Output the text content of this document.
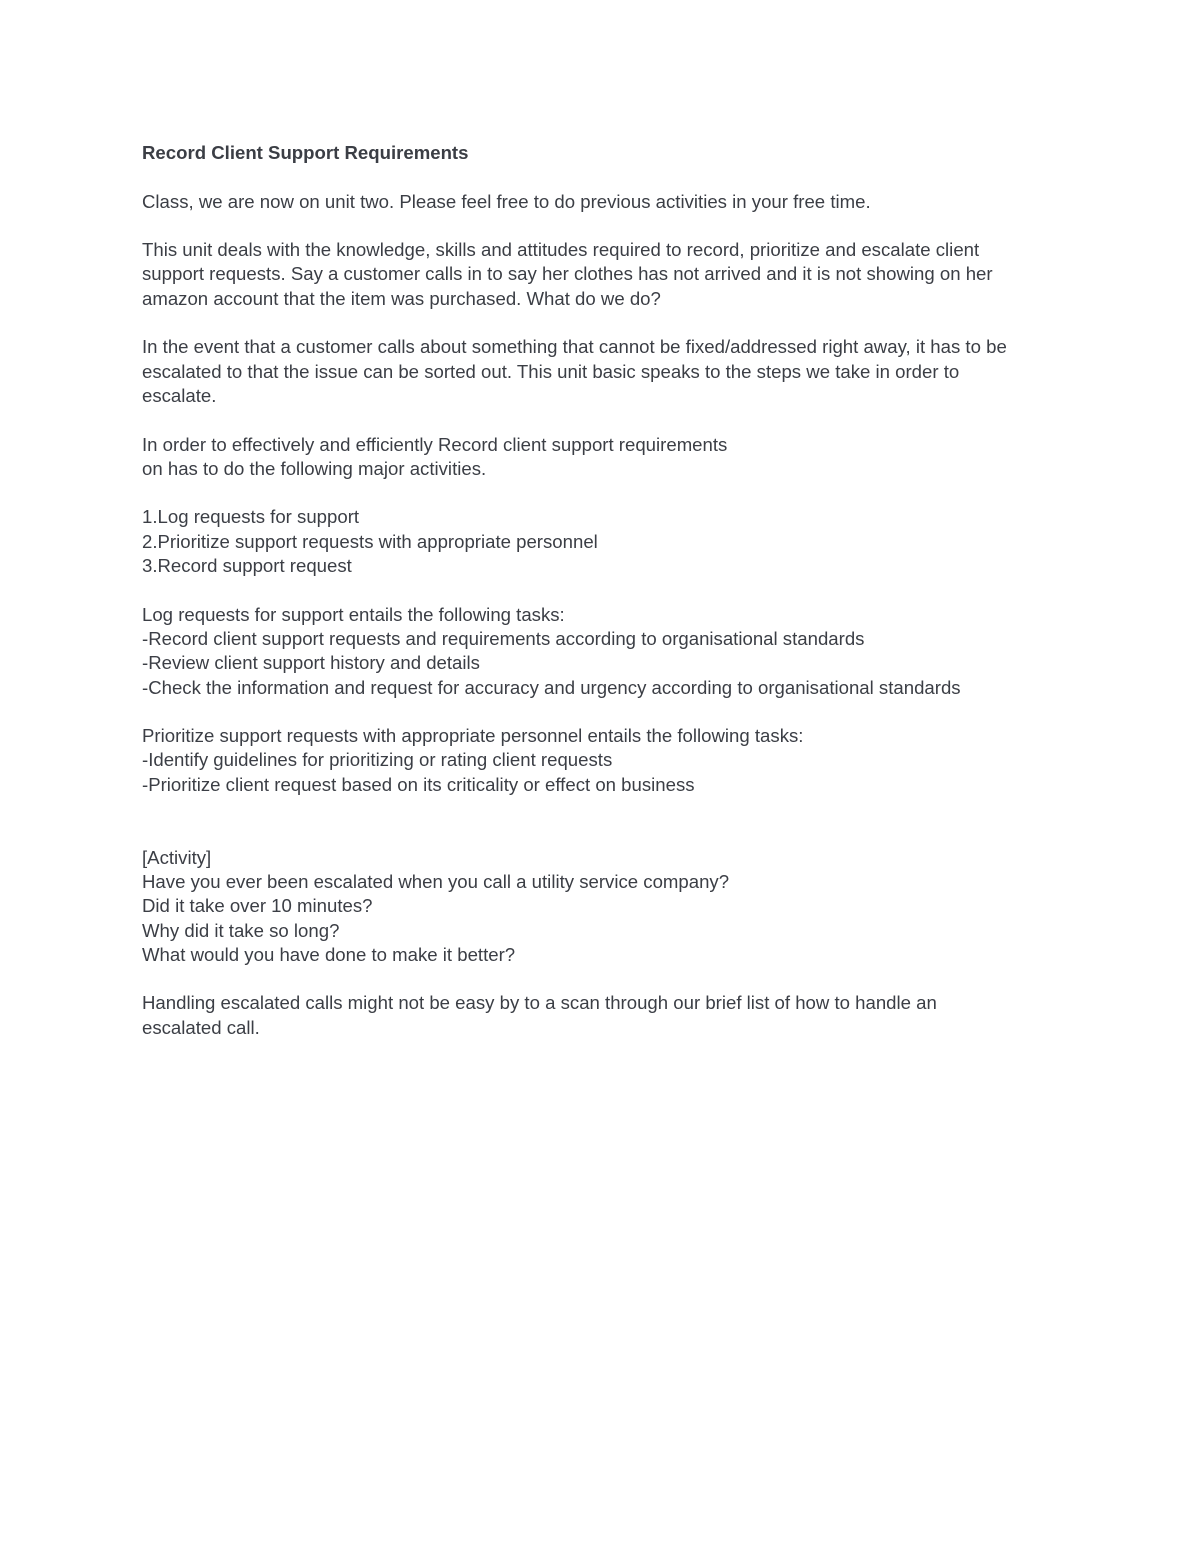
Record Client Support Requirements
Class, we are now on unit two. Please feel free to do previous activities in your free time.
This unit deals with the knowledge, skills and attitudes required to record, prioritize and escalate client
support requests. Say a customer calls in to say her clothes has not arrived and it is not showing on her
amazon account that the item was purchased. What do we do?
In the event that a customer calls about something that cannot be fixed/addressed right away, it has to be
escalated to that the issue can be sorted out. This unit basic speaks to the steps we take in order to
escalate.
In order to effectively and efficiently Record client support requirements
on has to do the following major activities.
1.Log requests for support
2.Prioritize support requests with appropriate personnel
3.Record support request
Log requests for support entails the following tasks:
-Record client support requests and requirements according to organisational standards
-Review client support history and details
-Check the information and request for accuracy and urgency according to organisational standards
Prioritize support requests with appropriate personnel entails the following tasks:
-Identify guidelines for prioritizing or rating client requests
-Prioritize client request based on its criticality or effect on business
[Activity]
Have you ever been escalated when you call a utility service company?
Did it take over 10 minutes?
Why did it take so long?
What would you have done to make it better?
Handling escalated calls might not be easy by to a scan through our brief list of how to handle an
escalated call.
